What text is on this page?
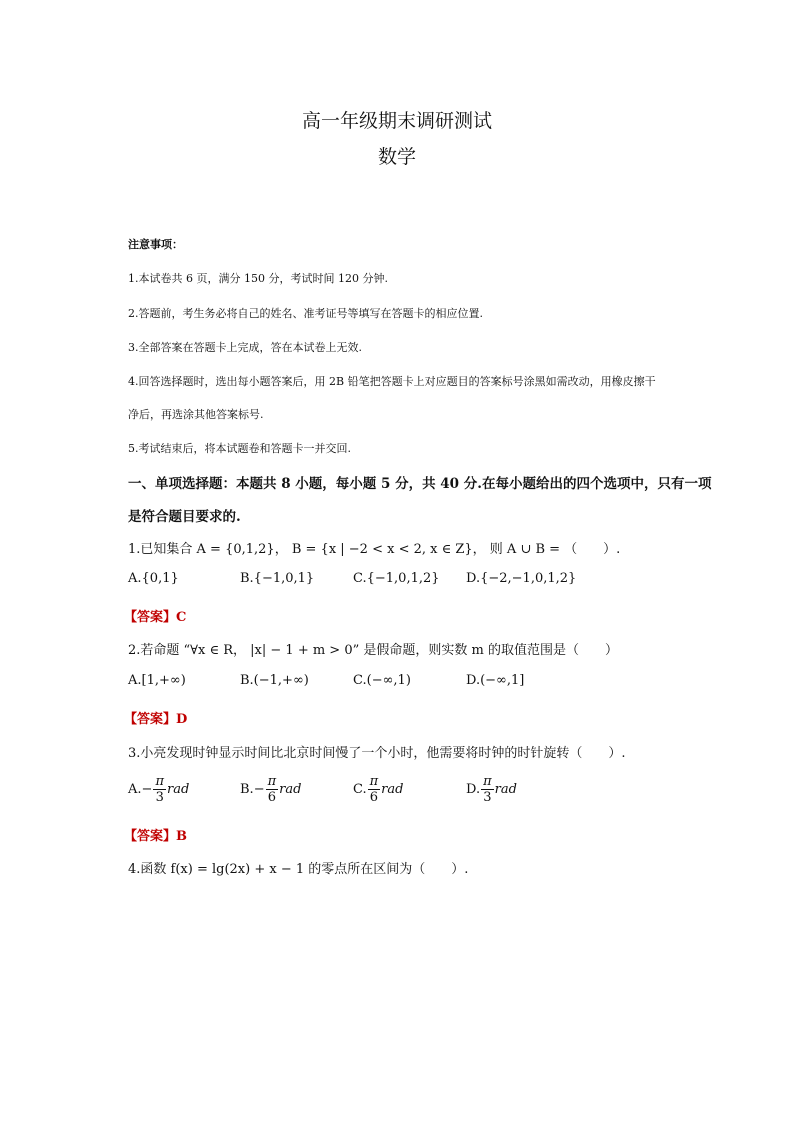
高一年级期末调研测试
数学
注意事项：
1.本试卷共 6 页，满分 150 分，考试时间 120 分钟.
2.答题前，考生务必将自己的姓名、准考证号等填写在答题卡的相应位置.
3.全部答案在答题卡上完成，答在本试卷上无效.
4.回答选择题时，选出每小题答案后，用 2B 铅笔把答题卡上对应题目的答案标号涂黑如需改动，用橡皮擦干
净后，再选涂其他答案标号.
5.考试结束后，将本试题卷和答题卡一并交回.
一、单项选择题：本题共 8 小题，每小题 5 分，共 40 分.在每小题给出的四个选项中，只有一项
是符合题目要求的.
1.已知集合 A = {0,1,2}， B = {x | −2 < x < 2, x ∈ Z}， 则 A ∪ B = （　　）.
A.{0,1}	B.{−1,0,1}	C.{−1,0,1,2} D.{−2,−1,0,1,2}
【答案】C
2.若命题 “∀x ∈ R， |x| − 1 + m > 0” 是假命题，则实数 m 的取值范围是（　　）
A.[1,+∞)	B.(−1,+∞)	C.(−∞,1)	D.(−∞,1]
【答案】D
3.小亮发现时钟显示时间比北京时间慢了一个小时，他需要将时钟的时针旋转（　　）.
$A.- \frac{\pi}{3}$ rad	$B.- \frac{\pi}{6}$ rad	C. $\frac{\pi}{6}$ rad	D. $\frac{\pi}{3}$ rad
【答案】B
4.函数 f(x) = lg(2x) + x − 1 的零点所在区间为（　　）.
